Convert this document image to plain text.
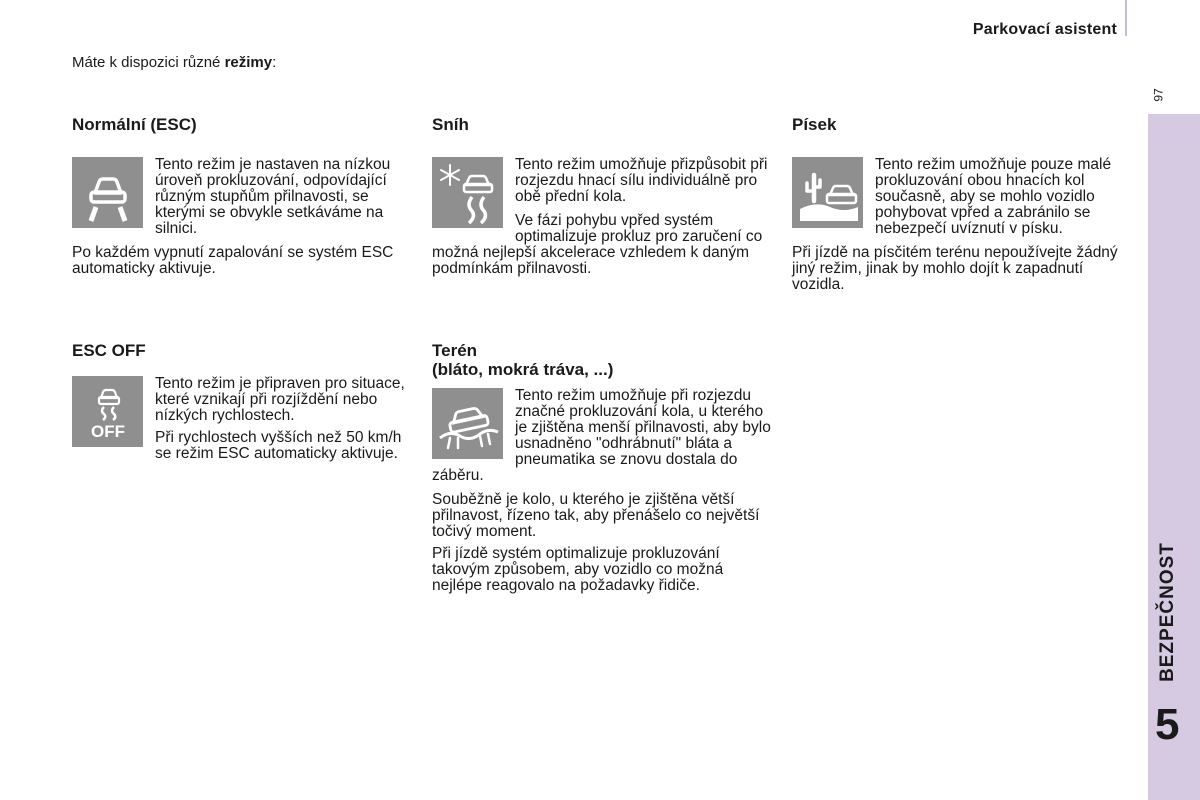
Parkovací asistent
97
BEZPEČNOST
5
Máte k dispozici různé režimy:
Normální (ESC)

Tento režim je nastaven na nízkou úroveň prokluzování, odpovídající různým stupňům přilnavosti, se kterými se obvykle setkáváme na silnici.

Po každém vypnutí zapalování se systém ESC automaticky aktivuje.

Sníh

Tento režim umožňuje přizpůsobit při rozjezdu hnací sílu individuálně pro obě přední kola.

Ve fázi pohybu vpřed systém optimalizuje prokluz pro zaručení co možná nejlepší akcelerace vzhledem k daným podmínkám přilnavosti.

Písek

Tento režim umožňuje pouze malé prokluzování obou hnacích kol současně, aby se mohlo vozidlo pohybovat vpřed a zabránilo se nebezpečí uvíznutí v písku.

Při jízdě na písčitém terénu nepoužívejte žádný jiný režim, jinak by mohlo dojít k zapadnutí vozidla.

ESC OFF
OFF

Tento režim je připraven pro situace, které vznikají při rozjíždění nebo nízkých rychlostech.

Při rychlostech vyšších než 50 km/h se režim ESC automaticky aktivuje.

Terén
(bláto, mokrá tráva, ...)

Tento režim umožňuje při rozjezdu značné prokluzování kola, u kterého je zjištěna menší přilnavosti, aby bylo usnadněno "odhrábnutí" bláta a pneumatika se znovu dostala do záběru.

Souběžně je kolo, u kterého je zjištěna větší přilnavost, řízeno tak, aby přenášelo co největší točivý moment.

Při jízdě systém optimalizuje prokluzování takovým způsobem, aby vozidlo co možná nejlépe reagovalo na požadavky řidiče.
